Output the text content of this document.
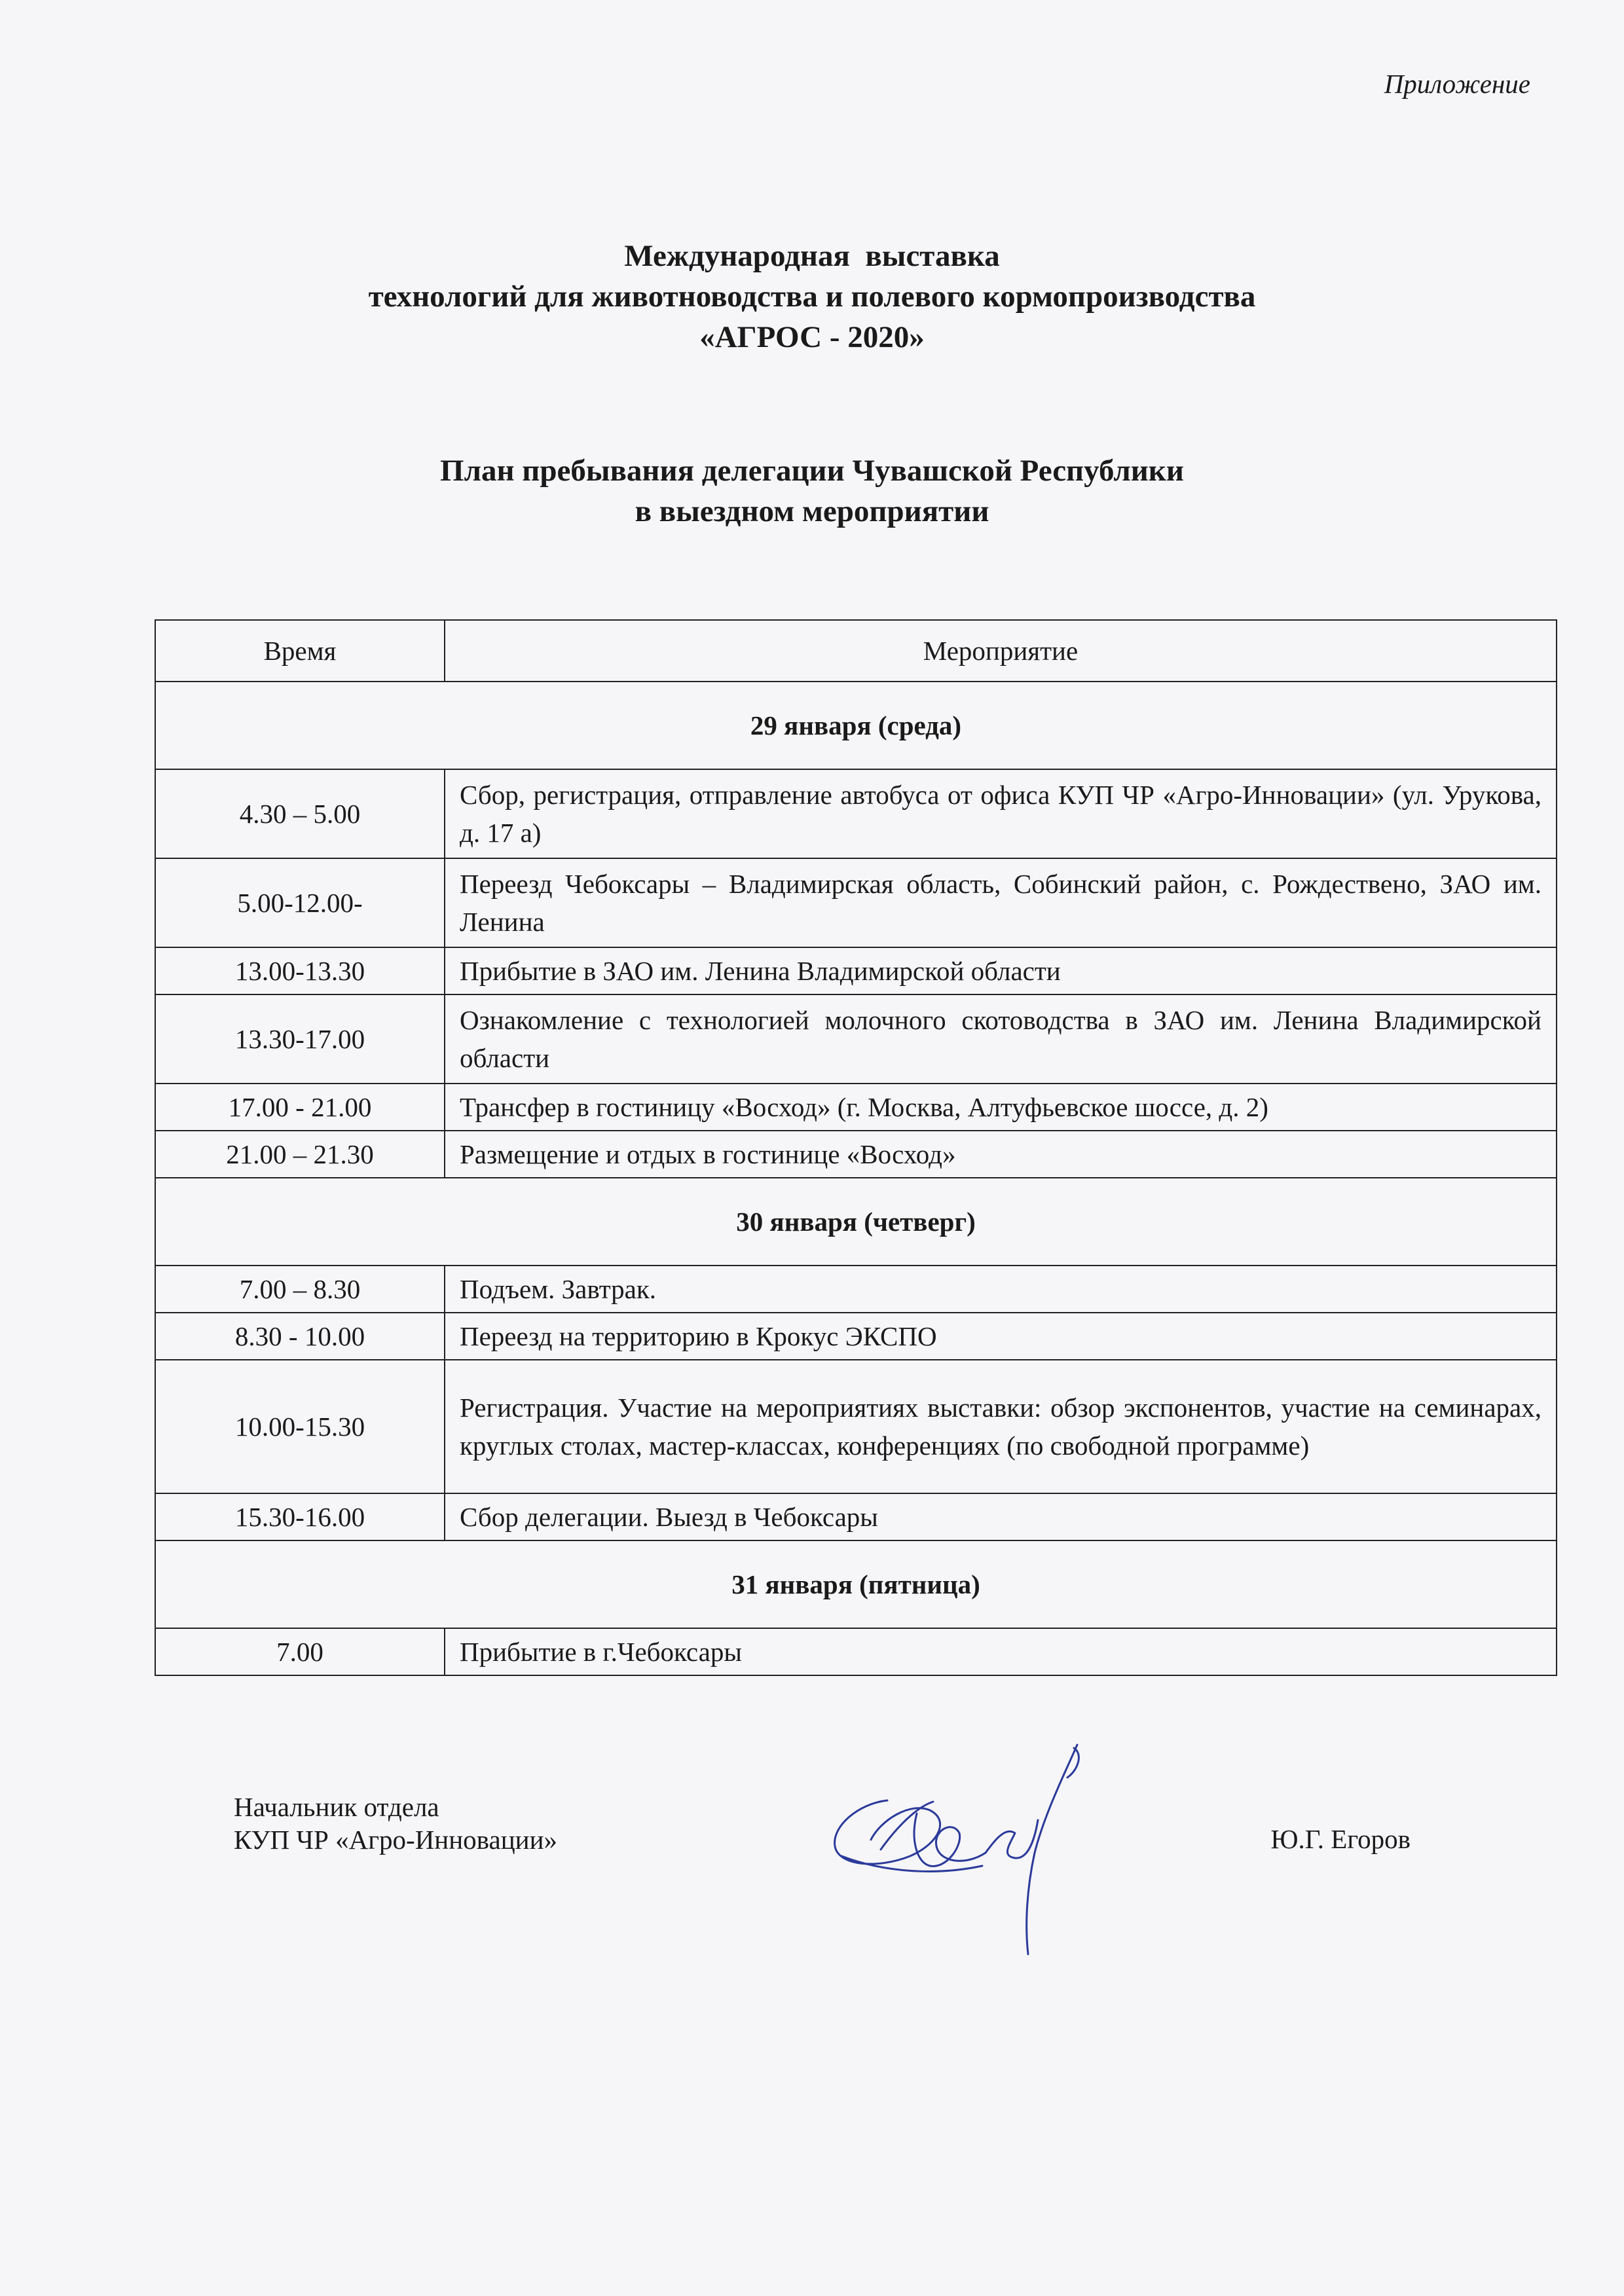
Приложение
Международная  выставка
технологий для животноводства и полевого кормопроизводства
«АГРОС - 2020»
План пребывания делегации Чувашской Республики
в выездном мероприятии
Время	Мероприятие
29 января (среда)	
4.30 – 5.00	Сбор, регистрация, отправление автобуса от офиса КУП ЧР «Агро-Инновации» (ул. Урукова, д. 17 а)
5.00-12.00-	Переезд Чебоксары – Владимирская область, Собинский район, с. Рождествено, ЗАО им. Ленина
13.00-13.30	Прибытие в ЗАО им. Ленина Владимирской области
13.30-17.00	Ознакомление с технологией молочного скотоводства в ЗАО им. Ленина Владимирской области
17.00 - 21.00	Трансфер в гостиницу «Восход» (г. Москва, Алтуфьевское шоссе, д. 2)
21.00 – 21.30	Размещение и отдых в гостинице «Восход»
30 января (четверг)	
7.00 – 8.30	Подъем. Завтрак.
8.30 - 10.00	Переезд на территорию в Крокус ЭКСПО
10.00-15.30	Регистрация. Участие на мероприятиях выставки: обзор экспонентов, участие на семинарах, круглых столах, мастер-классах, конференциях (по свободной программе)
15.30-16.00	Сбор делегации. Выезд в Чебоксары
31 января (пятница)	
7.00	Прибытие в г.Чебоксары
Начальник отдела
КУП ЧР «Агро-Инновации»	Ю.Г. Егоров
